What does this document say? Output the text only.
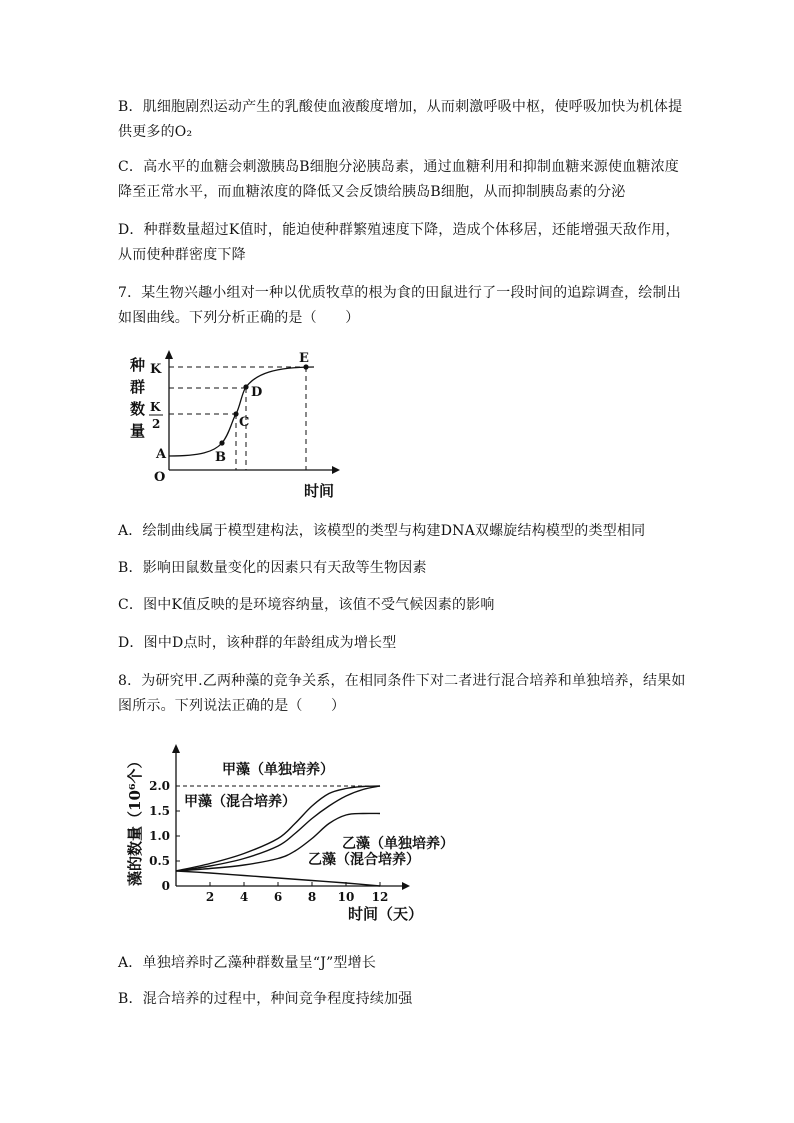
B．肌细胞剧烈运动产生的乳酸使血液酸度增加，从而刺激呼吸中枢，使呼吸加快为机体提供更多的O₂

C．高水平的血糖会刺激胰岛B细胞分泌胰岛素，通过血糖利用和抑制血糖来源使血糖浓度降至正常水平，而血糖浓度的降低又会反馈给胰岛B细胞，从而抑制胰岛素的分泌

D．种群数量超过K值时，能迫使种群繁殖速度下降，造成个体移居，还能增强天敌作用，从而使种群密度下降

7．某生物兴趣小组对一种以优质牧草的根为食的田鼠进行了一段时间的追踪调查，绘制出如图曲线。下列分析正确的是（　　）

种
群
数
量
K
K
2
A	B
C
D
E
O
时间

A．绘制曲线属于模型建构法，该模型的类型与构建DNA双螺旋结构模型的类型相同

B．影响田鼠数量变化的因素只有天敌等生物因素

C．图中K值反映的是环境容纳量，该值不受气候因素的影响

D．图中D点时，该种群的年龄组成为增长型

8．为研究甲.乙两种藻的竞争关系，在相同条件下对二者进行混合培养和单独培养，结果如图所示。下列说法正确的是（　　）

2 4 6 8 10 12
0
0.5
1.0
1.5
2.0
甲藻（单独培养）
甲藻（混合培养）
乙藻（单独培养）
乙藻（混合培养）
藻的数量（10⁶个）
时间（天）

A．单独培养时乙藻种群数量呈“J”型增长

B．混合培养的过程中，种间竞争程度持续加强
